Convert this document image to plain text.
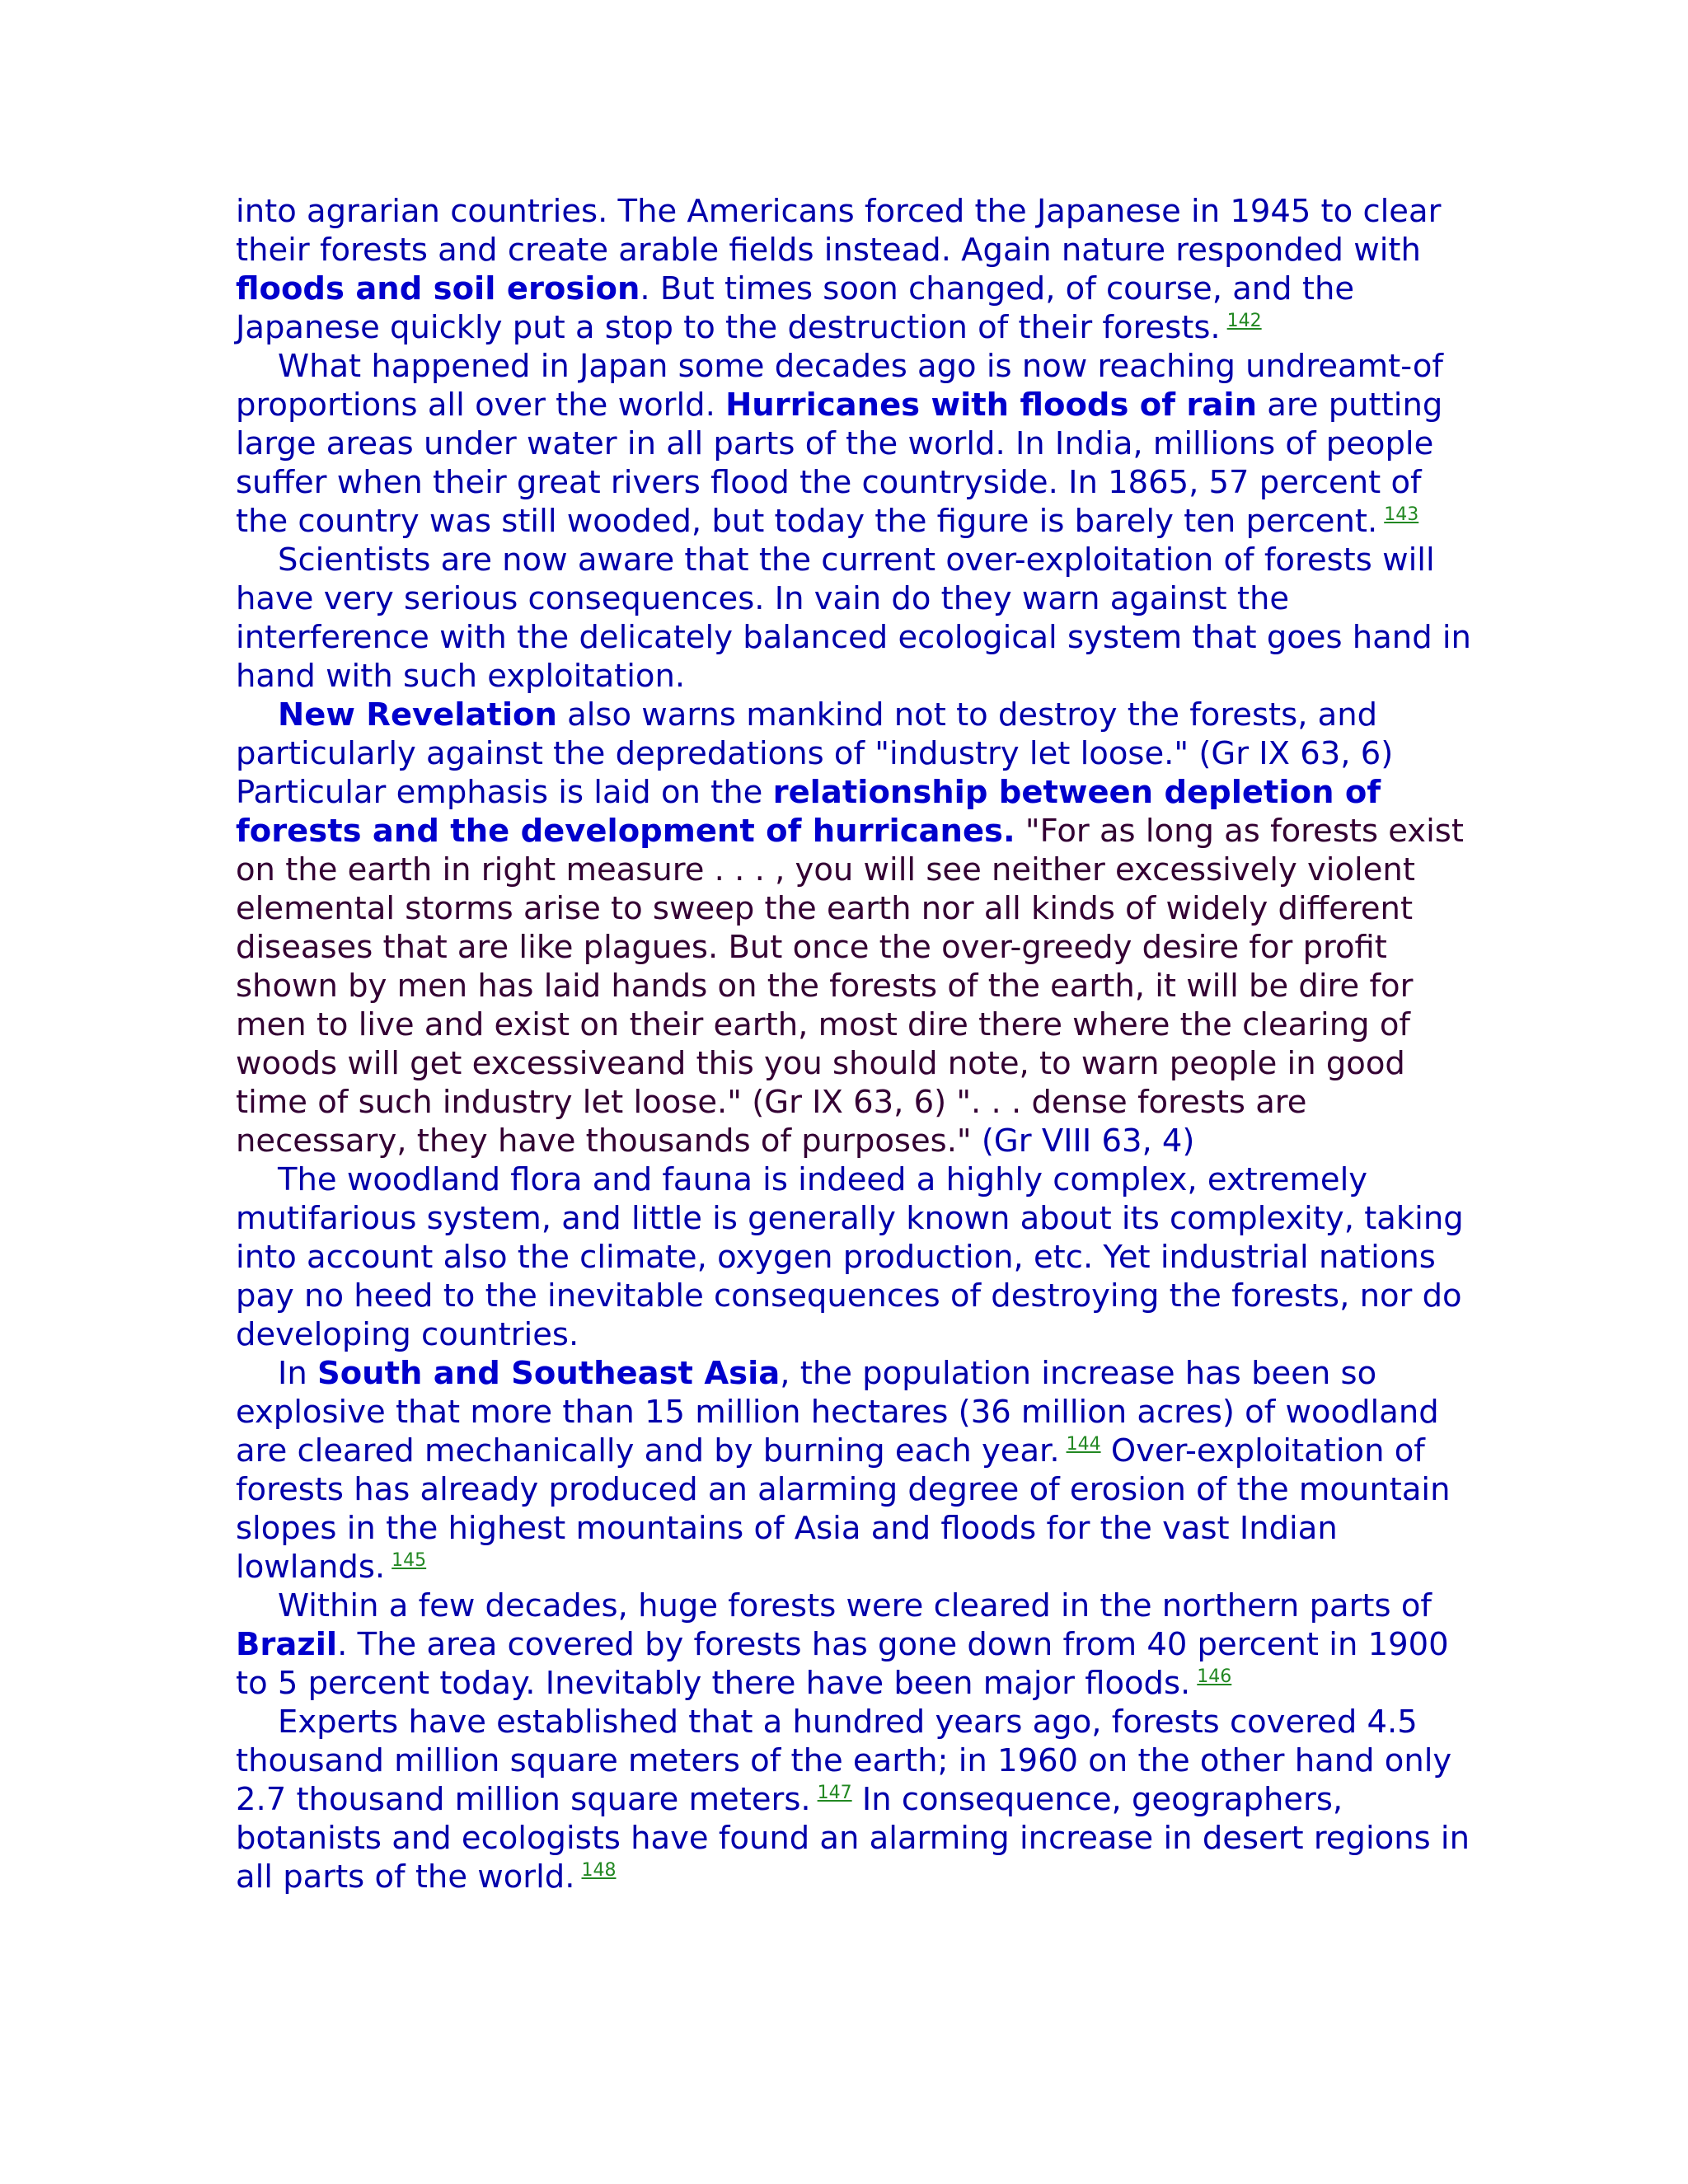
into agrarian countries. The Americans forced the Japanese in 1945 to clear their forests and create arable fields instead. Again nature responded with floods and soil erosion. But times soon changed, of course, and the Japanese quickly put a stop to the destruction of their forests. $^{142}$

What happened in Japan some decades ago is now reaching undreamt-of proportions all over the world. Hurricanes with floods of rain are putting large areas under water in all parts of the world. In India, millions of people suffer when their great rivers flood the countryside. In 1865, 57 percent of the country was still wooded, but today the figure is barely ten percent. $^{143}$

Scientists are now aware that the current over-exploitation of forests will have very serious consequences. In vain do they warn against the interference with the delicately balanced ecological system that goes hand in hand with such exploitation.

New Revelation also warns mankind not to destroy the forests, and particularly against the depredations of "industry let loose." (Gr IX 63, 6) Particular emphasis is laid on the relationship between depletion of forests and the development of hurricanes. "For as long as forests exist on the earth in right measure . . . , you will see neither excessively violent elemental storms arise to sweep the earth nor all kinds of widely different diseases that are like plagues. But once the over-greedy desire for profit shown by men has laid hands on the forests of the earth, it will be dire for men to live and exist on their earth, most dire there where the clearing of woods will get excessiveand this you should note, to warn people in good time of such industry let loose." (Gr IX 63, 6) ". . . dense forests are necessary, they have thousands of purposes." (Gr VIII 63, 4)

The woodland flora and fauna is indeed a highly complex, extremely mutifarious system, and little is generally known about its complexity, taking into account also the climate, oxygen production, etc. Yet industrial nations pay no heed to the inevitable consequences of destroying the forests, nor do developing countries.

In South and Southeast Asia, the population increase has been so explosive that more than 15 million hectares (36 million acres) of woodland are cleared mechanically and by burning each year. $^{144}$ Over-exploitation of forests has already produced an alarming degree of erosion of the mountain slopes in the highest mountains of Asia and floods for the vast Indian lowlands. $^{145}$

Within a few decades, huge forests were cleared in the northern parts of Brazil. The area covered by forests has gone down from 40 percent in 1900 to 5 percent today. Inevitably there have been major floods. $^{146}$

Experts have established that a hundred years ago, forests covered 4.5 thousand million square meters of the earth; in 1960 on the other hand only 2.7 thousand million square meters. $^{147}$ In consequence, geographers, botanists and ecologists have found an alarming increase in desert regions in all parts of the world. $^{148}$
